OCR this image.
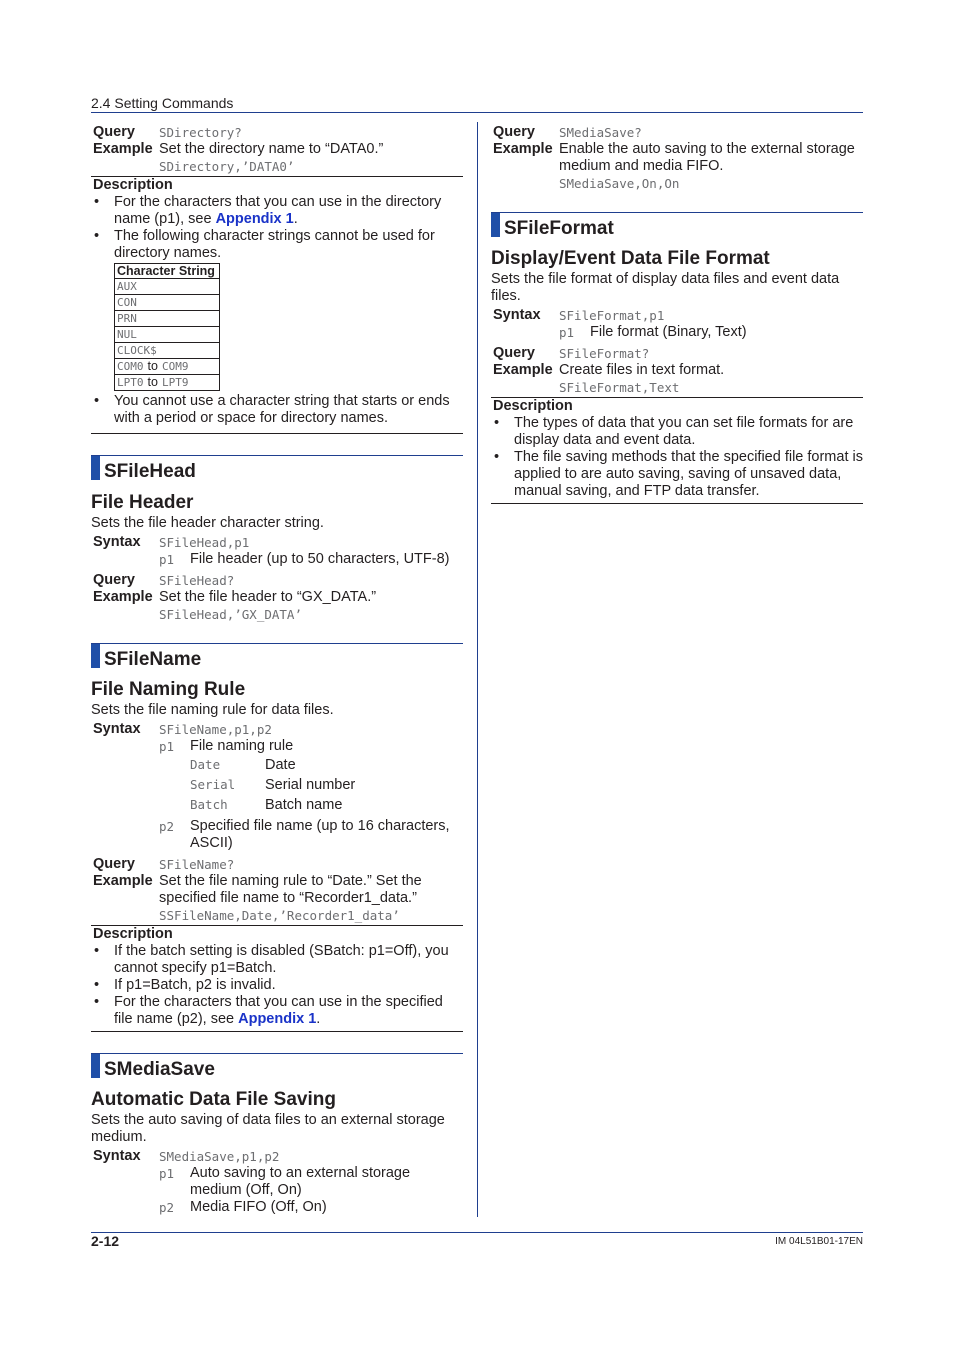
2.4 Setting Commands
Query	SDirectory?
Example Set the directory name to “DATA0.”
SDirectory,’DATA0’
Description
• For the characters that you can use in the directory name (p1), see Appendix 1.
• The following character strings cannot be used for directory names.
Character String
AUX
CON
PRN
NUL
CLOCK$
COM0 to COM9
LPT0 to LPT9
• You cannot use a character string that starts or ends with a period or space for directory names.
SFileHead
File Header
Sets the file header character string.
Syntax	SFileHead,p1
p1	File header (up to 50 characters, UTF-8)
Query	SFileHead?
Example Set the file header to “GX_DATA.”
SFileHead,’GX_DATA’
SFileName
File Naming Rule
Sets the file naming rule for data files.
Syntax	SFileName,p1,p2
p1	File naming rule
Date	Date
Serial	Serial number
Batch	Batch name
p2	Specified file name (up to 16 characters, ASCII)
Query	SFileName?
Example Set the file naming rule to “Date.” Set the specified file name to “Recorder1_data.”
SSFileName,Date,’Recorder1_data’
Description
• If the batch setting is disabled (SBatch: p1=Off), you cannot specify p1=Batch.
• If p1=Batch, p2 is invalid.
• For the characters that you can use in the specified file name (p2), see Appendix 1.
SMediaSave
Automatic Data File Saving
Sets the auto saving of data files to an external storage medium.
Syntax	SMediaSave,p1,p2
p1	Auto saving to an external storage medium (Off, On)
p2	Media FIFO (Off, On)
Query	SMediaSave?
Example Enable the auto saving to the external storage medium and media FIFO.
SMediaSave,On,On
SFileFormat
Display/Event Data File Format
Sets the file format of display data files and event data files.
Syntax	SFileFormat,p1
p1	File format (Binary, Text)
Query	SFileFormat?
Example Create files in text format.
SFileFormat,Text
Description
• The types of data that you can set file formats for are display data and event data.
• The file saving methods that the specified file format is applied to are auto saving, saving of unsaved data, manual saving, and FTP data transfer.
2-12	IM 04L51B01-17EN
